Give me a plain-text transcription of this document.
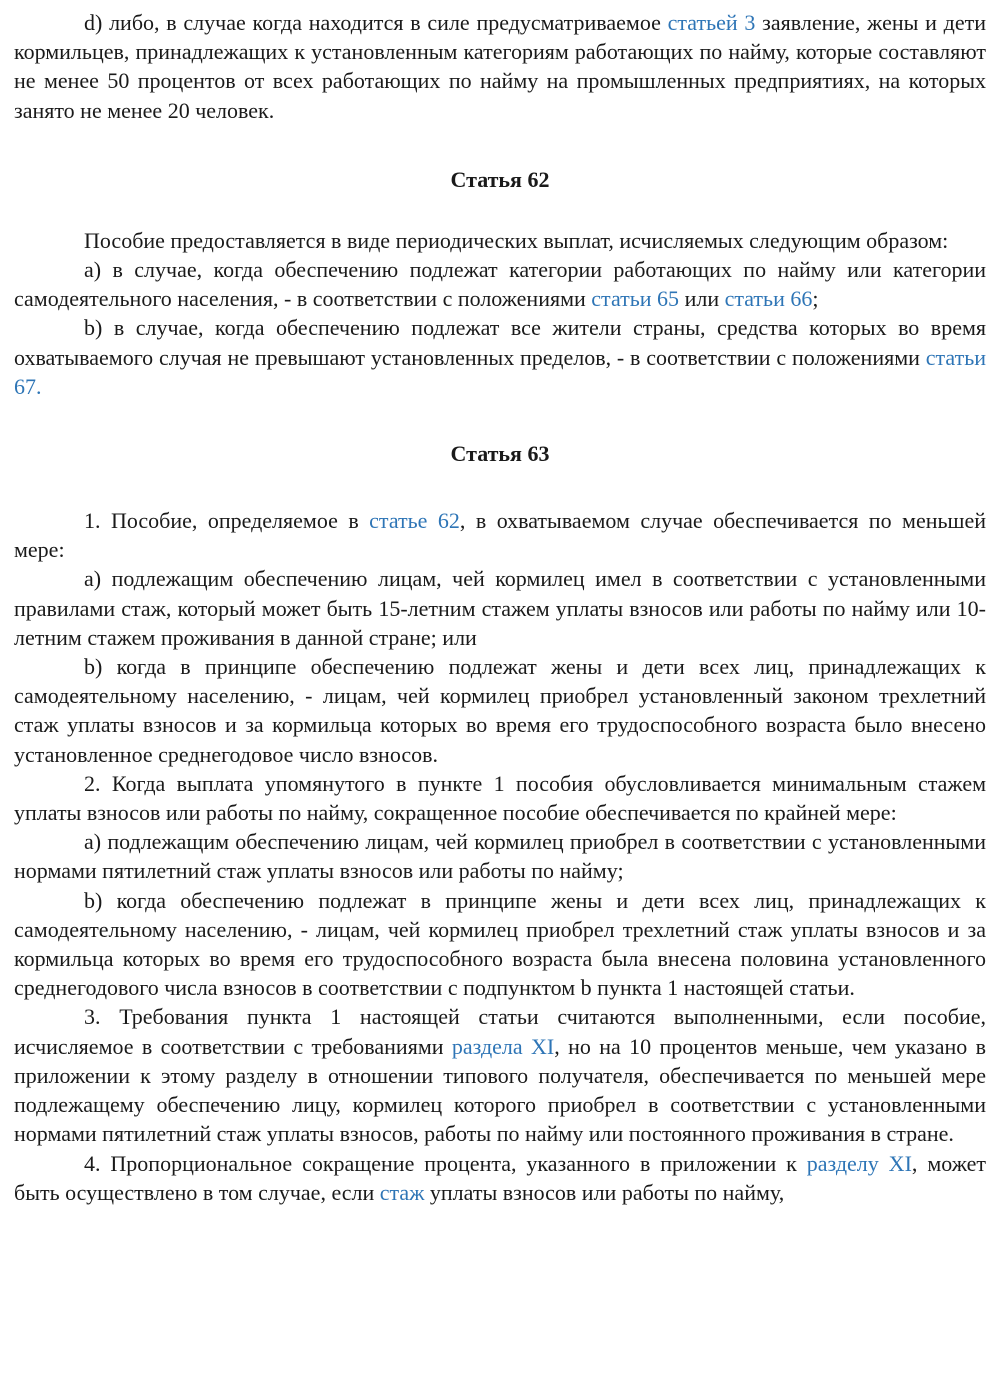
d) либо, в случае когда находится в силе предусматриваемое статьей 3 заявление, жены и дети кормильцев, принадлежащих к установленным категориям работающих по найму, которые составляют не менее 50 процентов от всех работающих по найму на промышленных предприятиях, на которых занято не менее 20 человек.

Статья 62

Пособие предоставляется в виде периодических выплат, исчисляемых следующим образом:

a) в случае, когда обеспечению подлежат категории работающих по найму или категории самодеятельного населения, - в соответствии с положениями статьи 65 или статьи 66;

b) в случае, когда обеспечению подлежат все жители страны, средства которых во время охватываемого случая не превышают установленных пределов, - в соответствии с положениями статьи 67.

Статья 63

1. Пособие, определяемое в статье 62, в охватываемом случае обеспечивается по меньшей мере:

a) подлежащим обеспечению лицам, чей кормилец имел в соответствии с установленными правилами стаж, который может быть 15-летним стажем уплаты взносов или работы по найму или 10-летним стажем проживания в данной стране; или

b) когда в принципе обеспечению подлежат жены и дети всех лиц, принадлежащих к самодеятельному населению, - лицам, чей кормилец приобрел установленный законом трехлетний стаж уплаты взносов и за кормильца которых во время его трудоспособного возраста было внесено установленное среднегодовое число взносов.

2. Когда выплата упомянутого в пункте 1 пособия обусловливается минимальным стажем уплаты взносов или работы по найму, сокращенное пособие обеспечивается по крайней мере:

a) подлежащим обеспечению лицам, чей кормилец приобрел в соответствии с установленными нормами пятилетний стаж уплаты взносов или работы по найму;

b) когда обеспечению подлежат в принципе жены и дети всех лиц, принадлежащих к самодеятельному населению, - лицам, чей кормилец приобрел трехлетний стаж уплаты взносов и за кормильца которых во время его трудоспособного возраста была внесена половина установленного среднегодового числа взносов в соответствии с подпунктом b пункта 1 настоящей статьи.

3. Требования пункта 1 настоящей статьи считаются выполненными, если пособие, исчисляемое в соответствии с требованиями раздела XI, но на 10 процентов меньше, чем указано в приложении к этому разделу в отношении типового получателя, обеспечивается по меньшей мере подлежащему обеспечению лицу, кормилец которого приобрел в соответствии с установленными нормами пятилетний стаж уплаты взносов, работы по найму или постоянного проживания в стране.

4. Пропорциональное сокращение процента, указанного в приложении к разделу XI, может быть осуществлено в том случае, если стаж уплаты взносов или работы по найму,
